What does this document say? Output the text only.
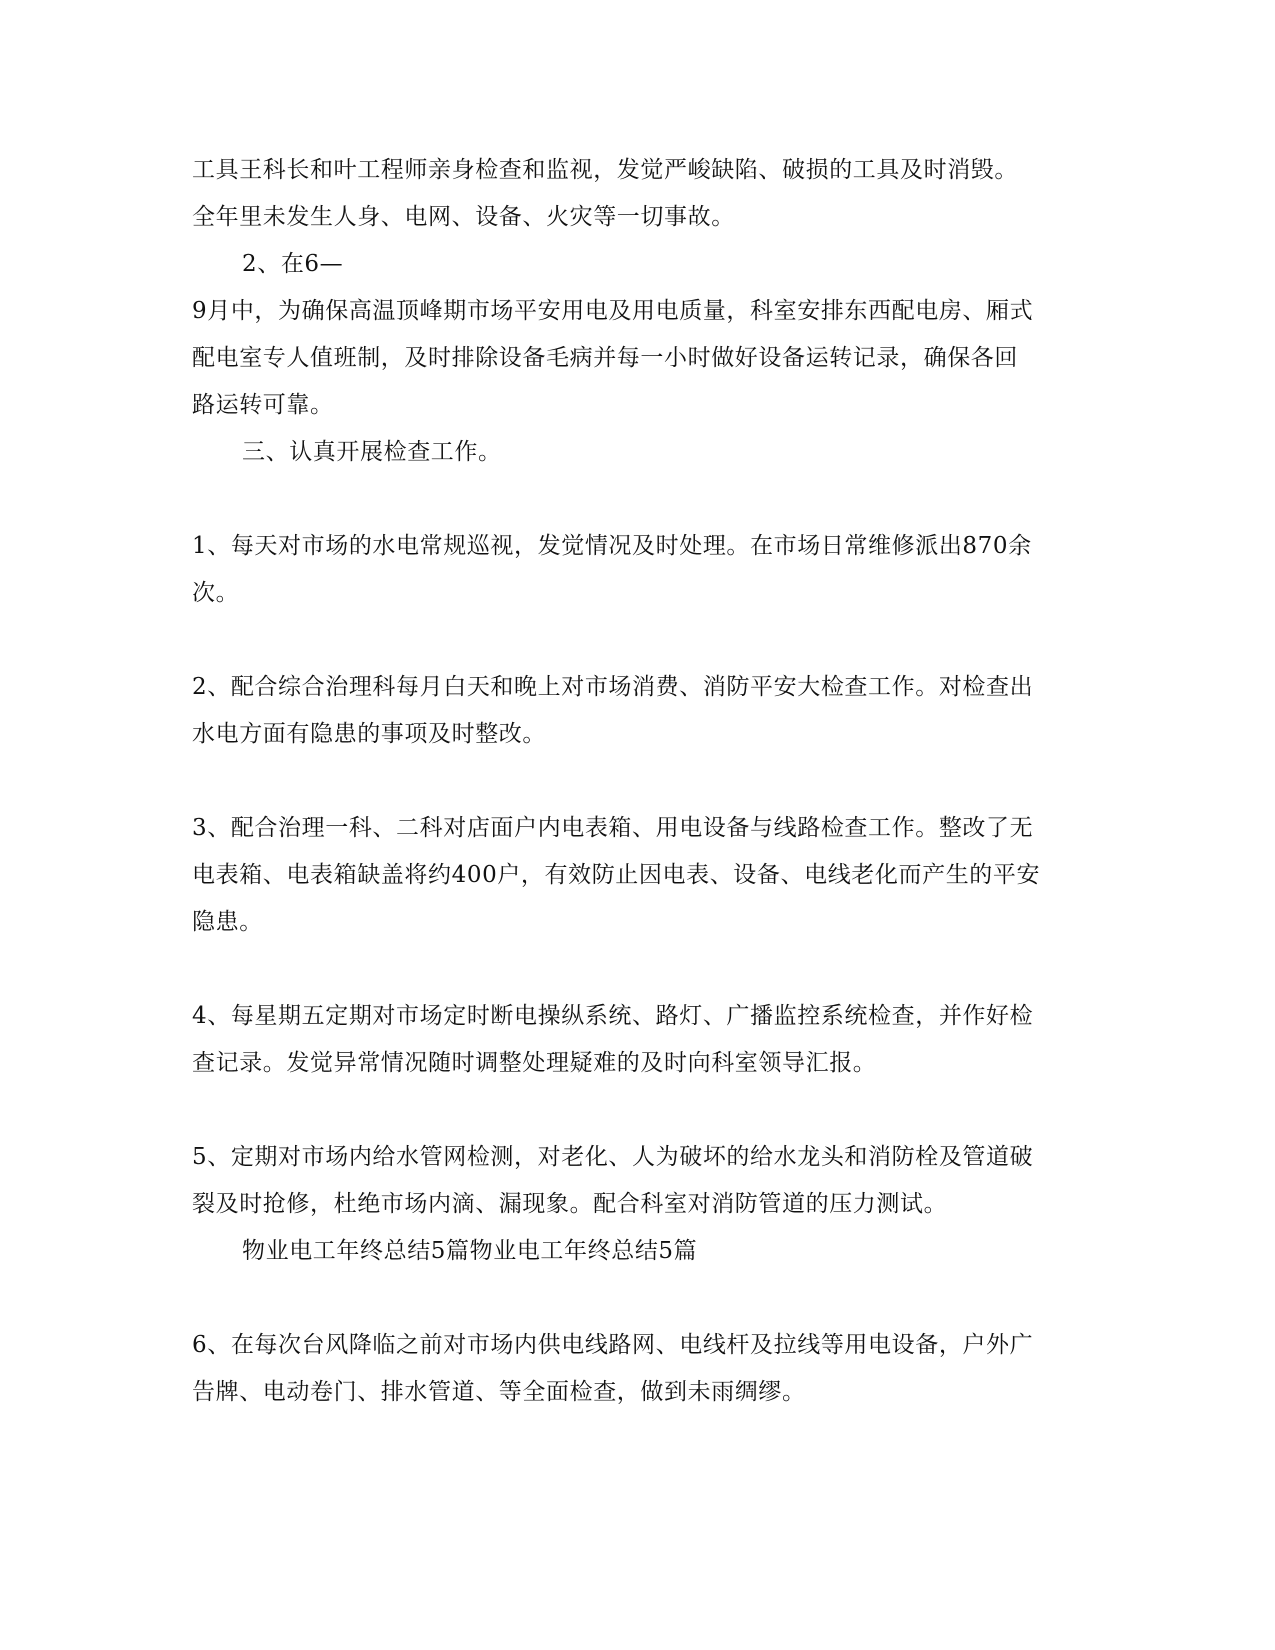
工具王科长和叶工程师亲身检查和监视，发觉严峻缺陷、破损的工具及时消毁。

全年里未发生人身、电网、设备、火灾等一切事故。

2、在6—

9月中，为确保高温顶峰期市场平安用电及用电质量，科室安排东西配电房、厢式

配电室专人值班制，及时排除设备毛病并每一小时做好设备运转记录，确保各回

路运转可靠。

三、认真开展检查工作。

1、每天对市场的水电常规巡视，发觉情况及时处理。在市场日常维修派出870余

次。

2、配合综合治理科每月白天和晚上对市场消费、消防平安大检查工作。对检查出

水电方面有隐患的事项及时整改。

3、配合治理一科、二科对店面户内电表箱、用电设备与线路检查工作。整改了无

电表箱、电表箱缺盖将约400户，有效防止因电表、设备、电线老化而产生的平安

隐患。

4、每星期五定期对市场定时断电操纵系统、路灯、广播监控系统检查，并作好检

查记录。发觉异常情况随时调整处理疑难的及时向科室领导汇报。

5、定期对市场内给水管网检测，对老化、人为破坏的给水龙头和消防栓及管道破

裂及时抢修，杜绝市场内滴、漏现象。配合科室对消防管道的压力测试。

物业电工年终总结5篇物业电工年终总结5篇

6、在每次台风降临之前对市场内供电线路网、电线杆及拉线等用电设备，户外广

告牌、电动卷门、排水管道、等全面检查，做到未雨绸缪。
